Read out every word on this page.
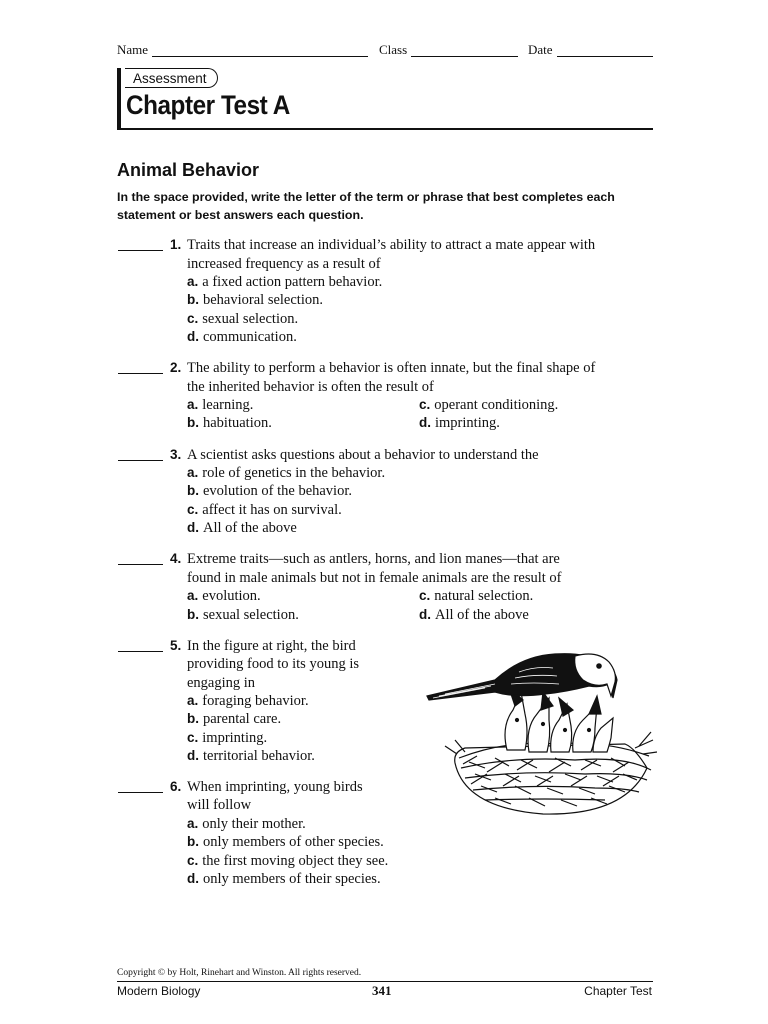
Name	Class	Date
Assessment
Chapter Test A
Animal Behavior
In the space provided, write the letter of the term or phrase that best completes each statement or best answers each question.
1. Traits that increase an individual’s ability to attract a mate appear with
increased frequency as a result of
a. a fixed action pattern behavior.
b. behavioral selection.
c. sexual selection.
d. communication.
2. The ability to perform a behavior is often innate, but the final shape of
the inherited behavior is often the result of
a. learning.
b. habituation.
c. operant conditioning.
d. imprinting.
3. A scientist asks questions about a behavior to understand the
a. role of genetics in the behavior.
b. evolution of the behavior.
c. affect it has on survival.
d. All of the above
4. Extreme traits—such as antlers, horns, and lion manes—that are
found in male animals but not in female animals are the result of
a. evolution.
b. sexual selection.
c. natural selection.
d. All of the above
5. In the figure at right, the bird
providing food to its young is
engaging in
a. foraging behavior.
b. parental care.
c. imprinting.
d. territorial behavior.
6. When imprinting, young birds
will follow
a. only their mother.
b. only members of other species.
c. the first moving object they see.
d. only members of their species.
Copyright © by Holt, Rinehart and Winston. All rights reserved.
Modern Biology	341	Chapter Test
